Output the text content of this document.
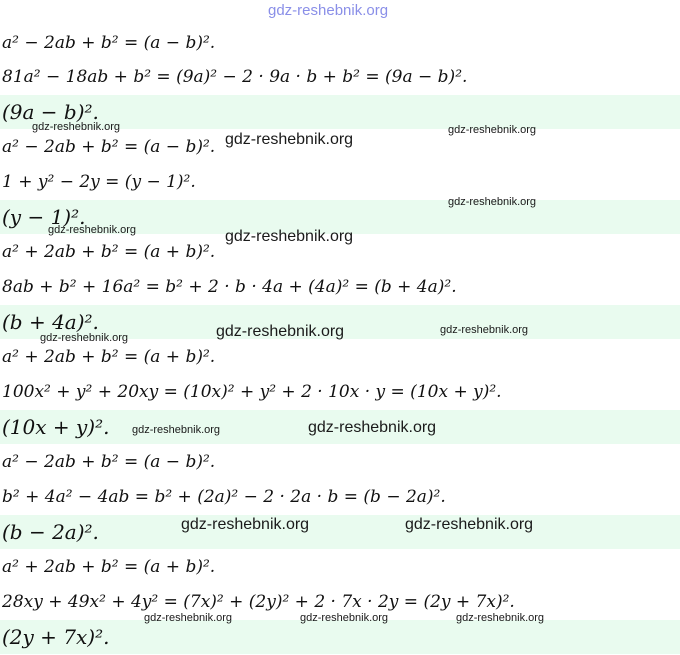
gdz-reshebnik.org
a² − 2ab + b² = (a − b)².
81a² − 18ab + b² = (9a)² − 2 · 9a · b + b² = (9a − b)².
(9a − b)².
a² − 2ab + b² = (a − b)².
1 + y² − 2y = (y − 1)².
(y − 1)².
a² + 2ab + b² = (a + b)².
8ab + b² + 16a² = b² + 2 · b · 4a + (4a)² = (b + 4a)².
(b + 4a)².
a² + 2ab + b² = (a + b)².
100x² + y² + 20xy = (10x)² + y² + 2 · 10x · y = (10x + y)².
(10x + y)².
a² − 2ab + b² = (a − b)².
b² + 4a² − 4ab = b² + (2a)² − 2 · 2a · b = (b − 2a)².
(b − 2a)².
a² + 2ab + b² = (a + b)².
28xy + 49x² + 4y² = (7x)² + (2y)² + 2 · 7x · 2y = (2y + 7x)².
(2y + 7x)².
gdz-reshebnik.org
gdz-reshebnik.org
gdz-reshebnik.org
gdz-reshebnik.org
gdz-reshebnik.org	gdz-reshebnik.org
gdz-reshebnik.org	gdz-reshebnik.org
gdz-reshebnik.org
gdz-reshebnik.org	gdz-reshebnik.org
gdz-reshebnik.org	gdz-reshebnik.org
gdz-reshebnik.org	gdz-reshebnik.org	gdz-reshebnik.org
